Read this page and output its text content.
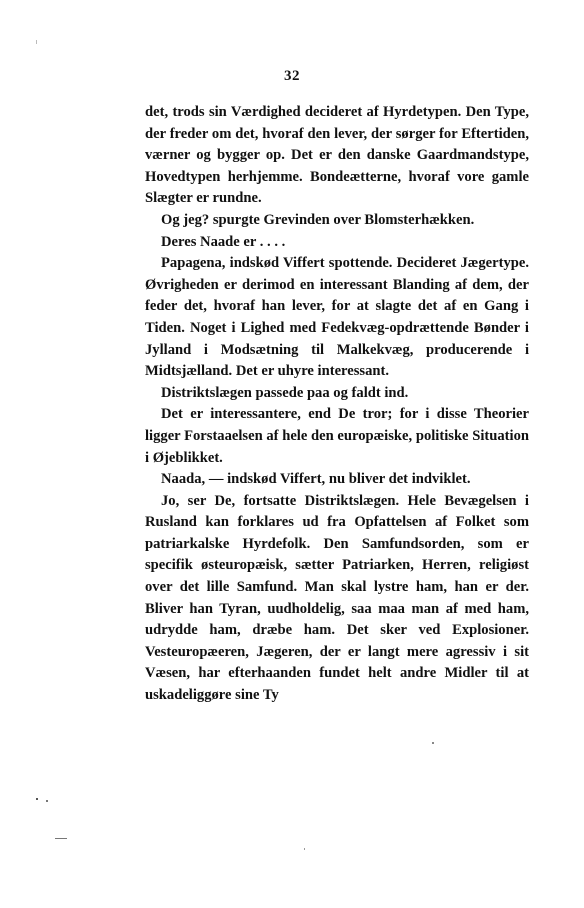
32

det, trods sin Værdighed decideret af Hyrdetypen. Den Type, der freder om det, hvoraf den lever, der sørger for Eftertiden, værner og bygger op. Det er den danske Gaardmandstype, Hovedtypen herhjemme. Bondeætterne, hvoraf vore gamle Slægter er rundne.

Og jeg? spurgte Grevinden over Blomsterhækken.

Deres Naade er . . . .

Papagena, indskød Viffert spottende. Decideret Jægertype. Øvrigheden er derimod en interessant Blanding af dem, der feder det, hvoraf han lever, for at slagte det af en Gang i Tiden. Noget i Lighed med Fedekvæg-opdrættende Bønder i Jylland i Modsætning til Malkekvæg, producerende i Midtsjælland. Det er uhyre interessant.

Distriktslægen passede paa og faldt ind.

Det er interessantere, end De tror; for i disse Theorier ligger Forstaaelsen af hele den europæiske, politiske Situation i Øjeblikket.

Naada, — indskød Viffert, nu bliver det indviklet.

Jo, ser De, fortsatte Distriktslægen. Hele Bevægelsen i Rusland kan forklares ud fra Opfattelsen af Folket som patriarkalske Hyrdefolk. Den Samfundsorden, som er specifik østeuropæisk, sætter Patriarken, Herren, religiøst over det lille Samfund. Man skal lystre ham, han er der. Bliver han Tyran, uudholdelig, saa maa man af med ham, udrydde ham, dræbe ham. Det sker ved Explosioner. Vesteuropæeren, Jægeren, der er langt mere agressiv i sit Væsen, har efterhaanden fundet helt andre Midler til at uskadeliggøre sine Ty
